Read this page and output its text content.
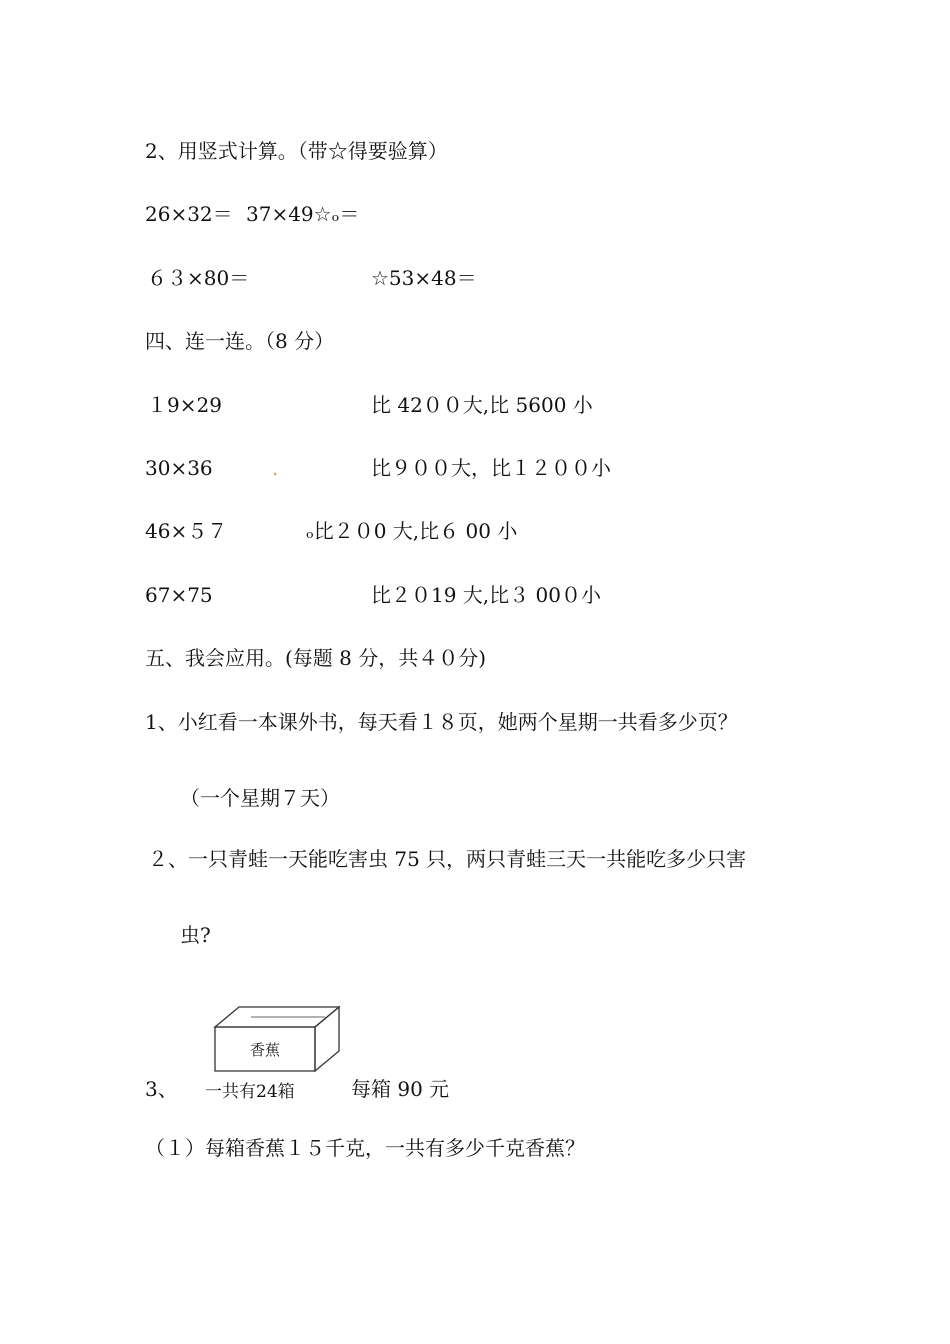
2、用竖式计算。（带☆得要验算）
26×32＝ 37×49☆ₒ＝
６３×80＝	☆53×48＝
四、连一连。（8 分）
１9×29	比 42００大,比 5600 小
30×36	.	比９００大，比１２００小
46×５７	ₒ比２０0 大,比６ 00 小
67×75	比２０19 大,比３ 00０小
五、我会应用。(每题 8 分，共４０分)
1、小红看一本课外书，每天看１８页，她两个星期一共看多少页？
（一个星期７天）
２、一只青蛙一天能吃害虫 75 只，两只青蛙三天一共能吃多少只害
虫?
香蕉
一共有24箱
3、	每箱 90 元
（１）每箱香蕉１５千克，一共有多少千克香蕉？
